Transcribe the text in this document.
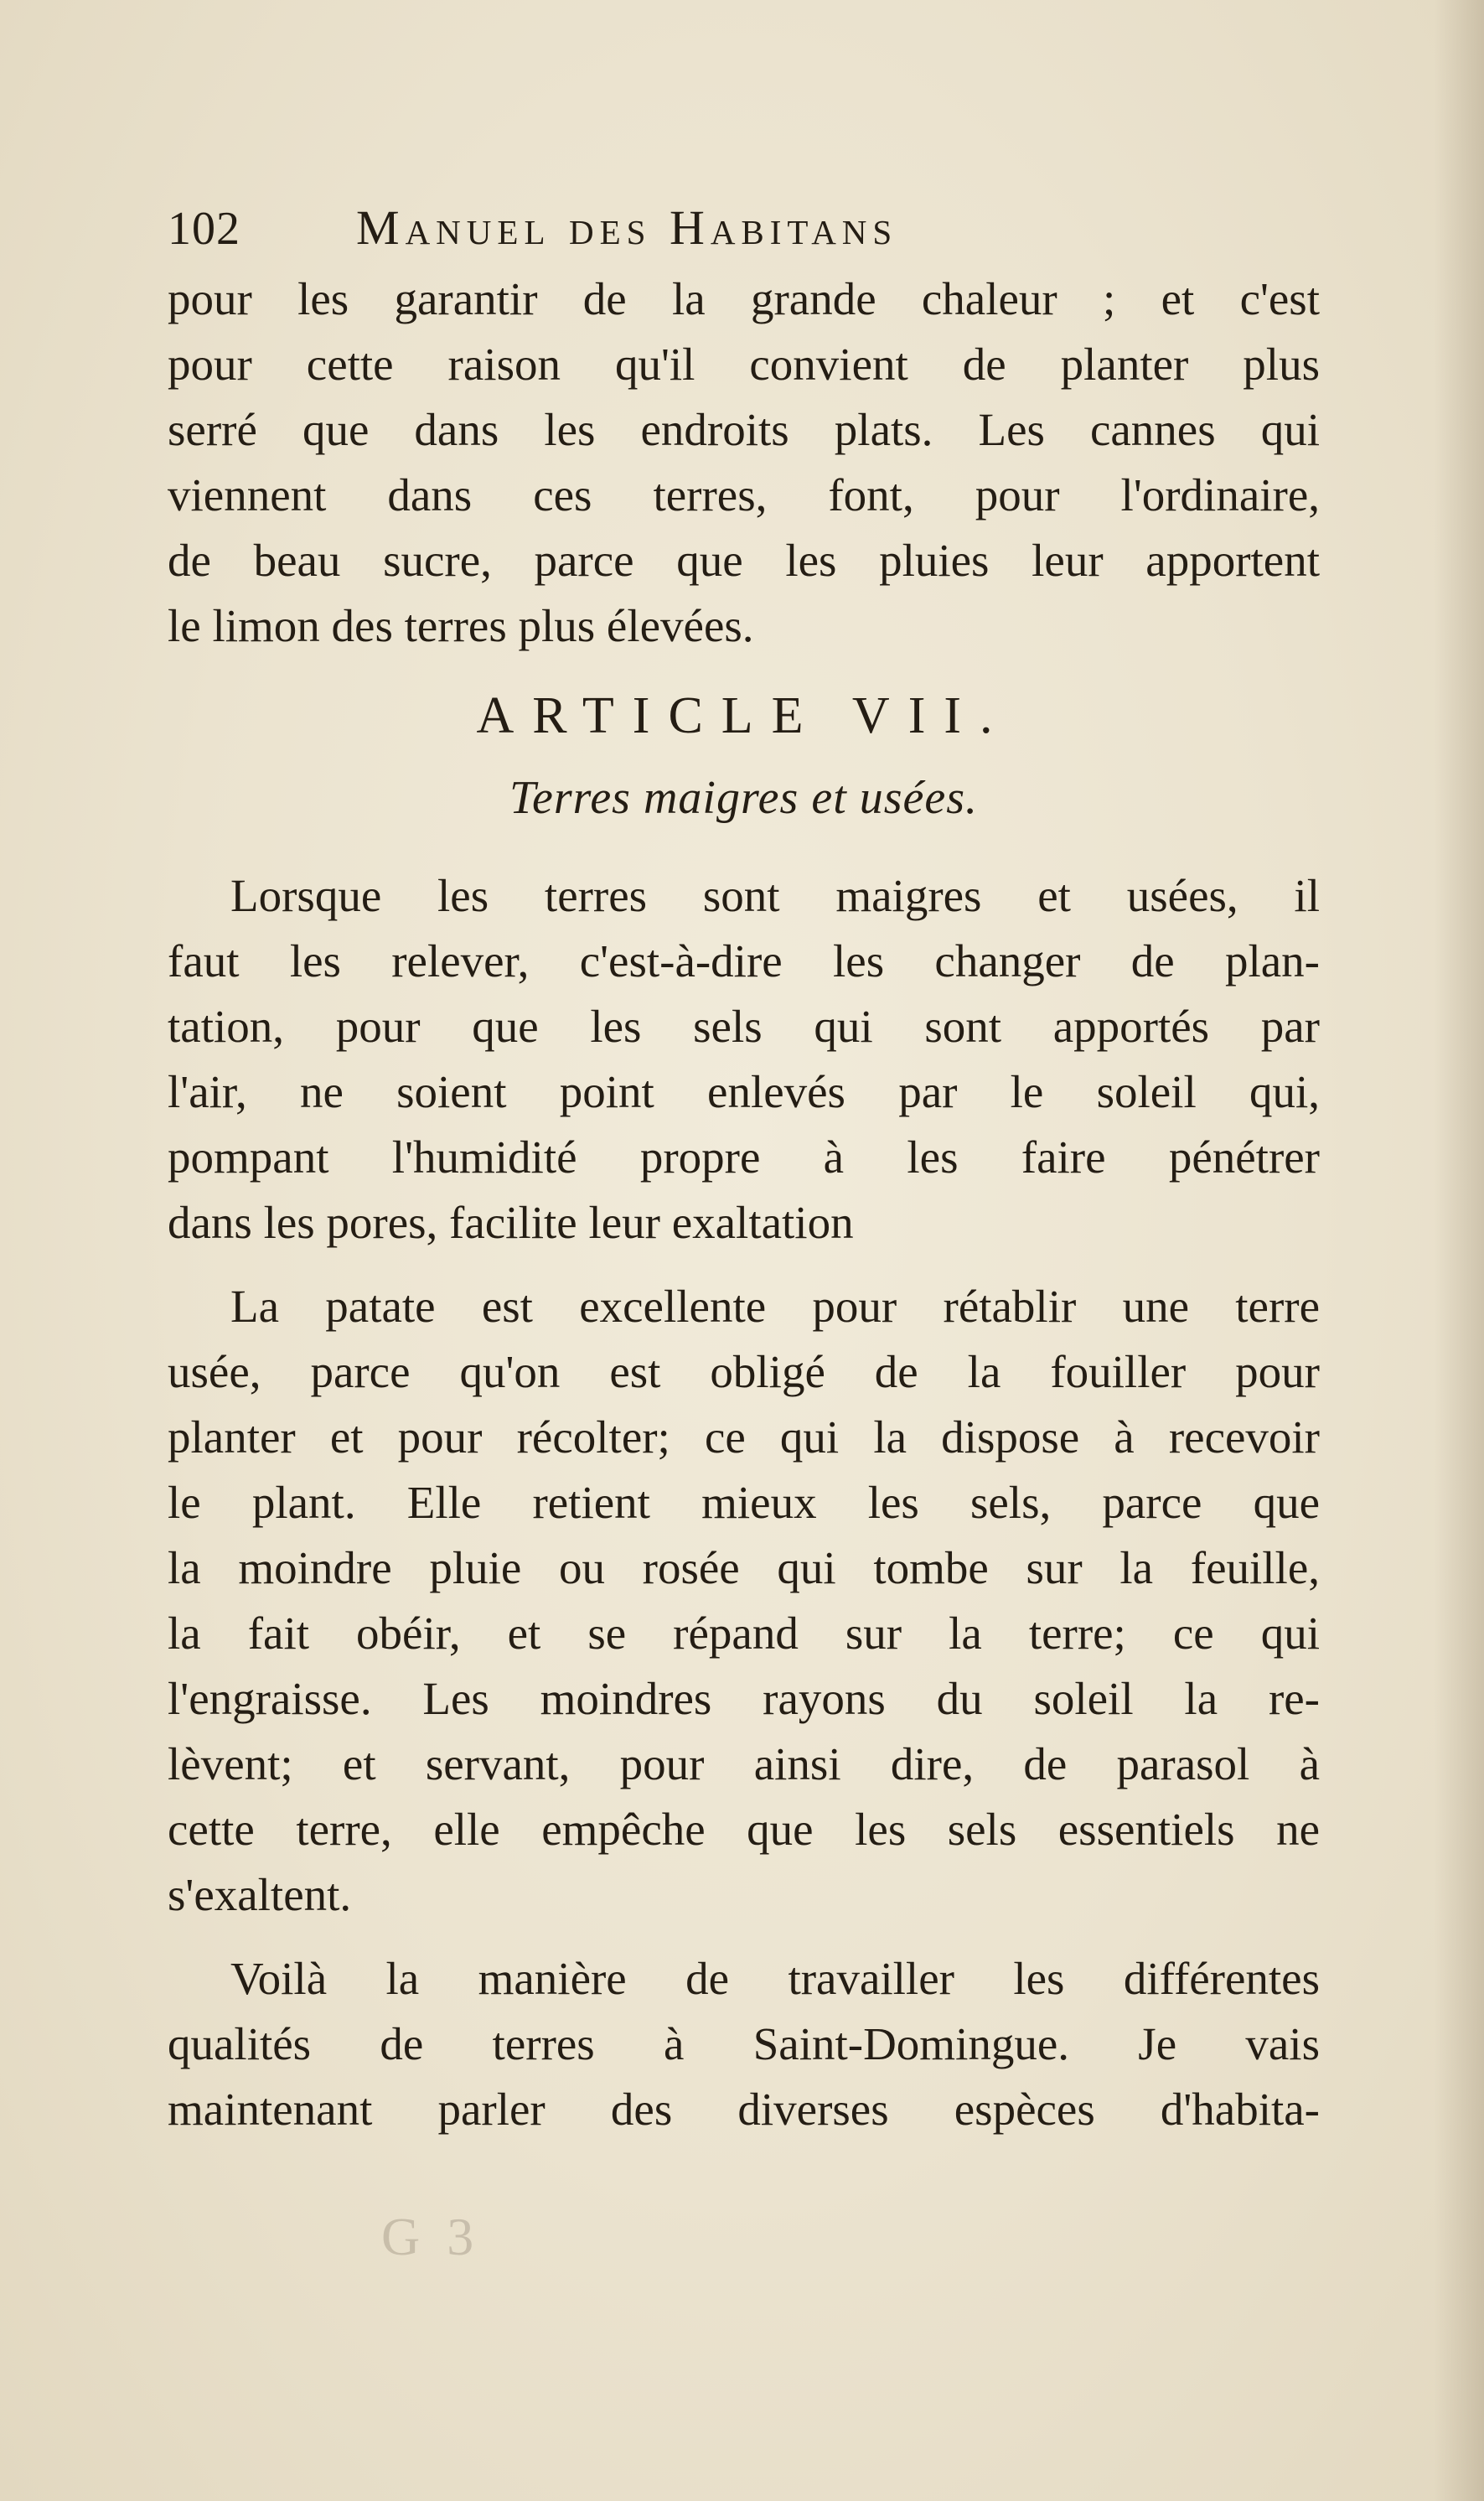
102	Manuel des Habitans
pour les garantir de la grande chaleur ; et c'est
pour cette raison qu'il convient de planter plus
serré que dans les endroits plats. Les cannes qui
viennent dans ces terres, font, pour l'ordinaire,
de beau sucre, parce que les pluies leur apportent
le limon des terres plus élevées.
ARTICLE VII.
Terres maigres et usées.
Lorsque les terres sont maigres et usées, il
faut les relever, c'est-à-dire les changer de plan-
tation, pour que les sels qui sont apportés par
l'air, ne soient point enlevés par le soleil qui,
pompant l'humidité propre à les faire pénétrer
dans les pores, facilite leur exaltation
La patate est excellente pour rétablir une terre
usée, parce qu'on est obligé de la fouiller pour
planter et pour récolter; ce qui la dispose à recevoir
le plant. Elle retient mieux les sels, parce que
la moindre pluie ou rosée qui tombe sur la feuille,
la fait obéir, et se répand sur la terre; ce qui
l'engraisse. Les moindres rayons du soleil la re-
lèvent; et servant, pour ainsi dire, de parasol à
cette terre, elle empêche que les sels essentiels ne
s'exaltent.
Voilà la manière de travailler les différentes
qualités de terres à Saint-Domingue. Je vais
maintenant parler des diverses espèces d'habita-
G 3
